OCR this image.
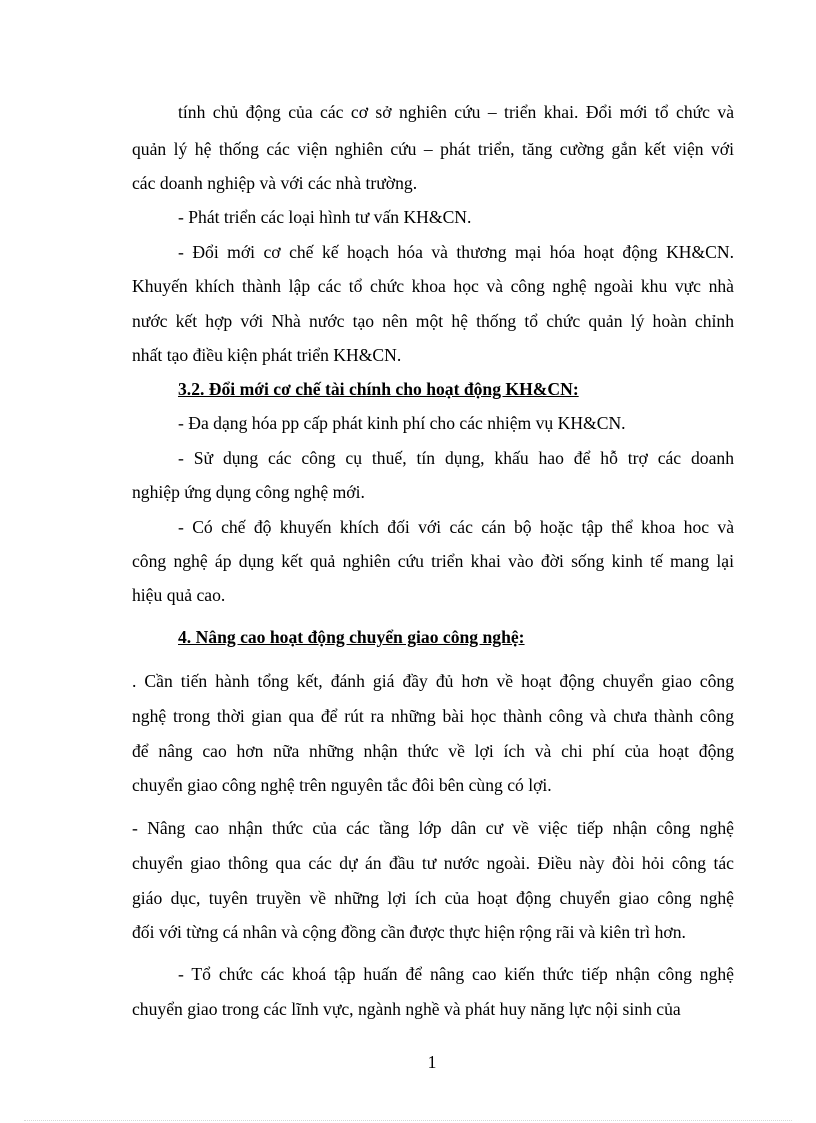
tính chủ động của các cơ sở nghiên cứu – triển khai. Đổi mới tổ chức và
quản lý hệ thống các viện nghiên cứu – phát triển, tăng cường gắn kết viện với
các doanh nghiệp và với các nhà trường.
- Phát triển các loại hình tư vấn KH&CN.
- Đổi mới cơ chế kế hoạch hóa và thương mại hóa hoạt động KH&CN.
Khuyến khích thành lập các tổ chức khoa học và công nghệ ngoài khu vực nhà
nước kết hợp với Nhà nước tạo nên một hệ thống tổ chức quản lý hoàn chỉnh
nhất tạo điều kiện phát triển KH&CN.
3.2. Đổi mới cơ chế tài chính cho hoạt động KH&CN:
- Đa dạng hóa pp cấp phát kinh phí cho các nhiệm vụ KH&CN.
- Sử dụng các công cụ thuế, tín dụng, khấu hao để hỗ trợ các doanh
nghiệp ứng dụng công nghệ mới.
- Có chế độ khuyến khích đối với các cán bộ hoặc tập thể khoa hoc và
công nghệ áp dụng kết quả nghiên cứu triển khai vào đời sống kinh tế mang lại
hiệu quả cao.
4. Nâng cao hoạt động chuyển giao công nghệ:
. Cần tiến hành tổng kết, đánh giá đầy đủ hơn về hoạt động chuyển giao công
nghệ trong thời gian qua để rút ra những bài học thành công và chưa thành công
để nâng cao hơn nữa những nhận thức về lợi ích và chi phí của hoạt động
chuyển giao công nghệ trên nguyên tắc đôi bên cùng có lợi.
- Nâng cao nhận thức của các tầng lớp dân cư về việc tiếp nhận công nghệ
chuyển giao thông qua các dự án đầu tư nước ngoài. Điều này đòi hỏi công tác
giáo dục, tuyên truyền về những lợi ích của hoạt động chuyển giao công nghệ
đối với từng cá nhân và cộng đồng cần được thực hiện rộng rãi và kiên trì hơn.
- Tổ chức các khoá tập huấn để nâng cao kiến thức tiếp nhận công nghệ
chuyển giao trong các lĩnh vực, ngành nghề và phát huy năng lực nội sinh của
1
